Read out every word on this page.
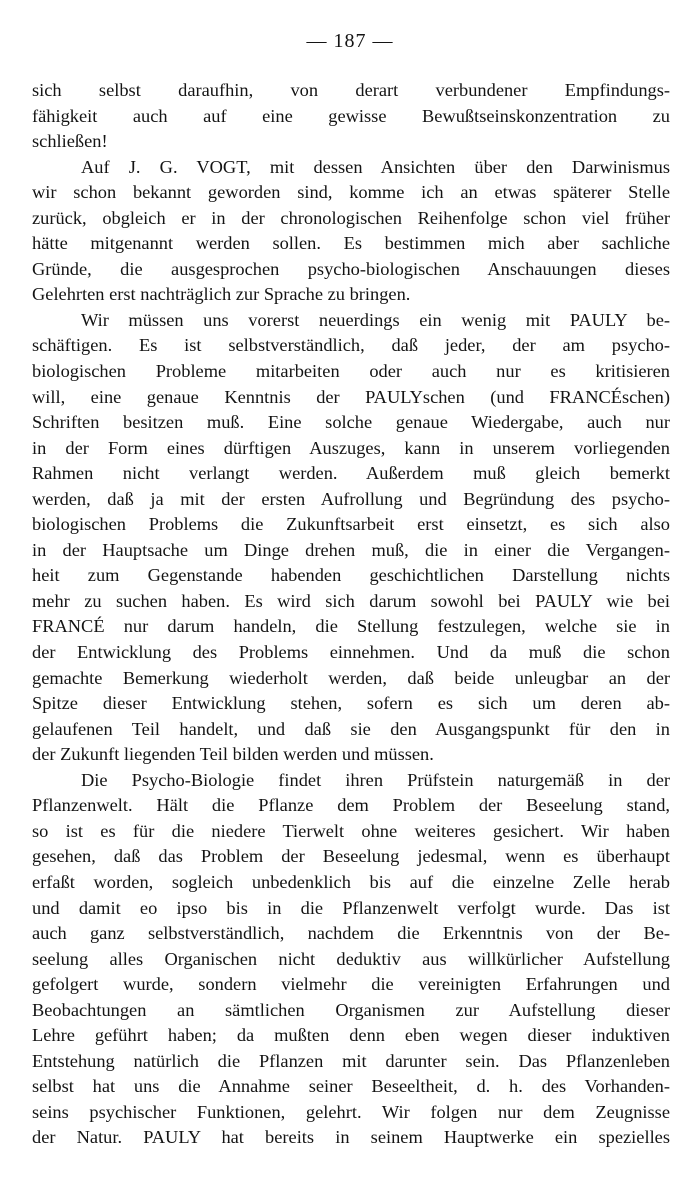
— 187 —
sich selbst daraufhin, von derart verbundener Empfindungs-
fähigkeit auch auf eine gewisse Bewußtseinskonzentration zu
schließen!
Auf J. G. VOGT, mit dessen Ansichten über den Darwinismus
wir schon bekannt geworden sind, komme ich an etwas späterer Stelle
zurück, obgleich er in der chronologischen Reihenfolge schon viel früher
hätte mitgenannt werden sollen. Es bestimmen mich aber sachliche
Gründe, die ausgesprochen psycho-biologischen Anschauungen dieses
Gelehrten erst nachträglich zur Sprache zu bringen.
Wir müssen uns vorerst neuerdings ein wenig mit PAULY be-
schäftigen. Es ist selbstverständlich, daß jeder, der am psycho-
biologischen Probleme mitarbeiten oder auch nur es kritisieren
will, eine genaue Kenntnis der PAULYschen (und FRANCÉschen)
Schriften besitzen muß. Eine solche genaue Wiedergabe, auch nur
in der Form eines dürftigen Auszuges, kann in unserem vorliegenden
Rahmen nicht verlangt werden. Außerdem muß gleich bemerkt
werden, daß ja mit der ersten Aufrollung und Begründung des psycho-
biologischen Problems die Zukunftsarbeit erst einsetzt, es sich also
in der Hauptsache um Dinge drehen muß, die in einer die Vergangen-
heit zum Gegenstande habenden geschichtlichen Darstellung nichts
mehr zu suchen haben. Es wird sich darum sowohl bei PAULY wie bei
FRANCÉ nur darum handeln, die Stellung festzulegen, welche sie in
der Entwicklung des Problems einnehmen. Und da muß die schon
gemachte Bemerkung wiederholt werden, daß beide unleugbar an der
Spitze dieser Entwicklung stehen, sofern es sich um deren ab-
gelaufenen Teil handelt, und daß sie den Ausgangspunkt für den in
der Zukunft liegenden Teil bilden werden und müssen.
Die Psycho-Biologie findet ihren Prüfstein naturgemäß in der
Pflanzenwelt. Hält die Pflanze dem Problem der Beseelung stand,
so ist es für die niedere Tierwelt ohne weiteres gesichert. Wir haben
gesehen, daß das Problem der Beseelung jedesmal, wenn es überhaupt
erfaßt worden, sogleich unbedenklich bis auf die einzelne Zelle herab
und damit eo ipso bis in die Pflanzenwelt verfolgt wurde. Das ist
auch ganz selbstverständlich, nachdem die Erkenntnis von der Be-
seelung alles Organischen nicht deduktiv aus willkürlicher Aufstellung
gefolgert wurde, sondern vielmehr die vereinigten Erfahrungen und
Beobachtungen an sämtlichen Organismen zur Aufstellung dieser
Lehre geführt haben; da mußten denn eben wegen dieser induktiven
Entstehung natürlich die Pflanzen mit darunter sein. Das Pflanzenleben
selbst hat uns die Annahme seiner Beseeltheit, d. h. des Vorhanden-
seins psychischer Funktionen, gelehrt. Wir folgen nur dem Zeugnisse
der Natur. PAULY hat bereits in seinem Hauptwerke ein spezielles
